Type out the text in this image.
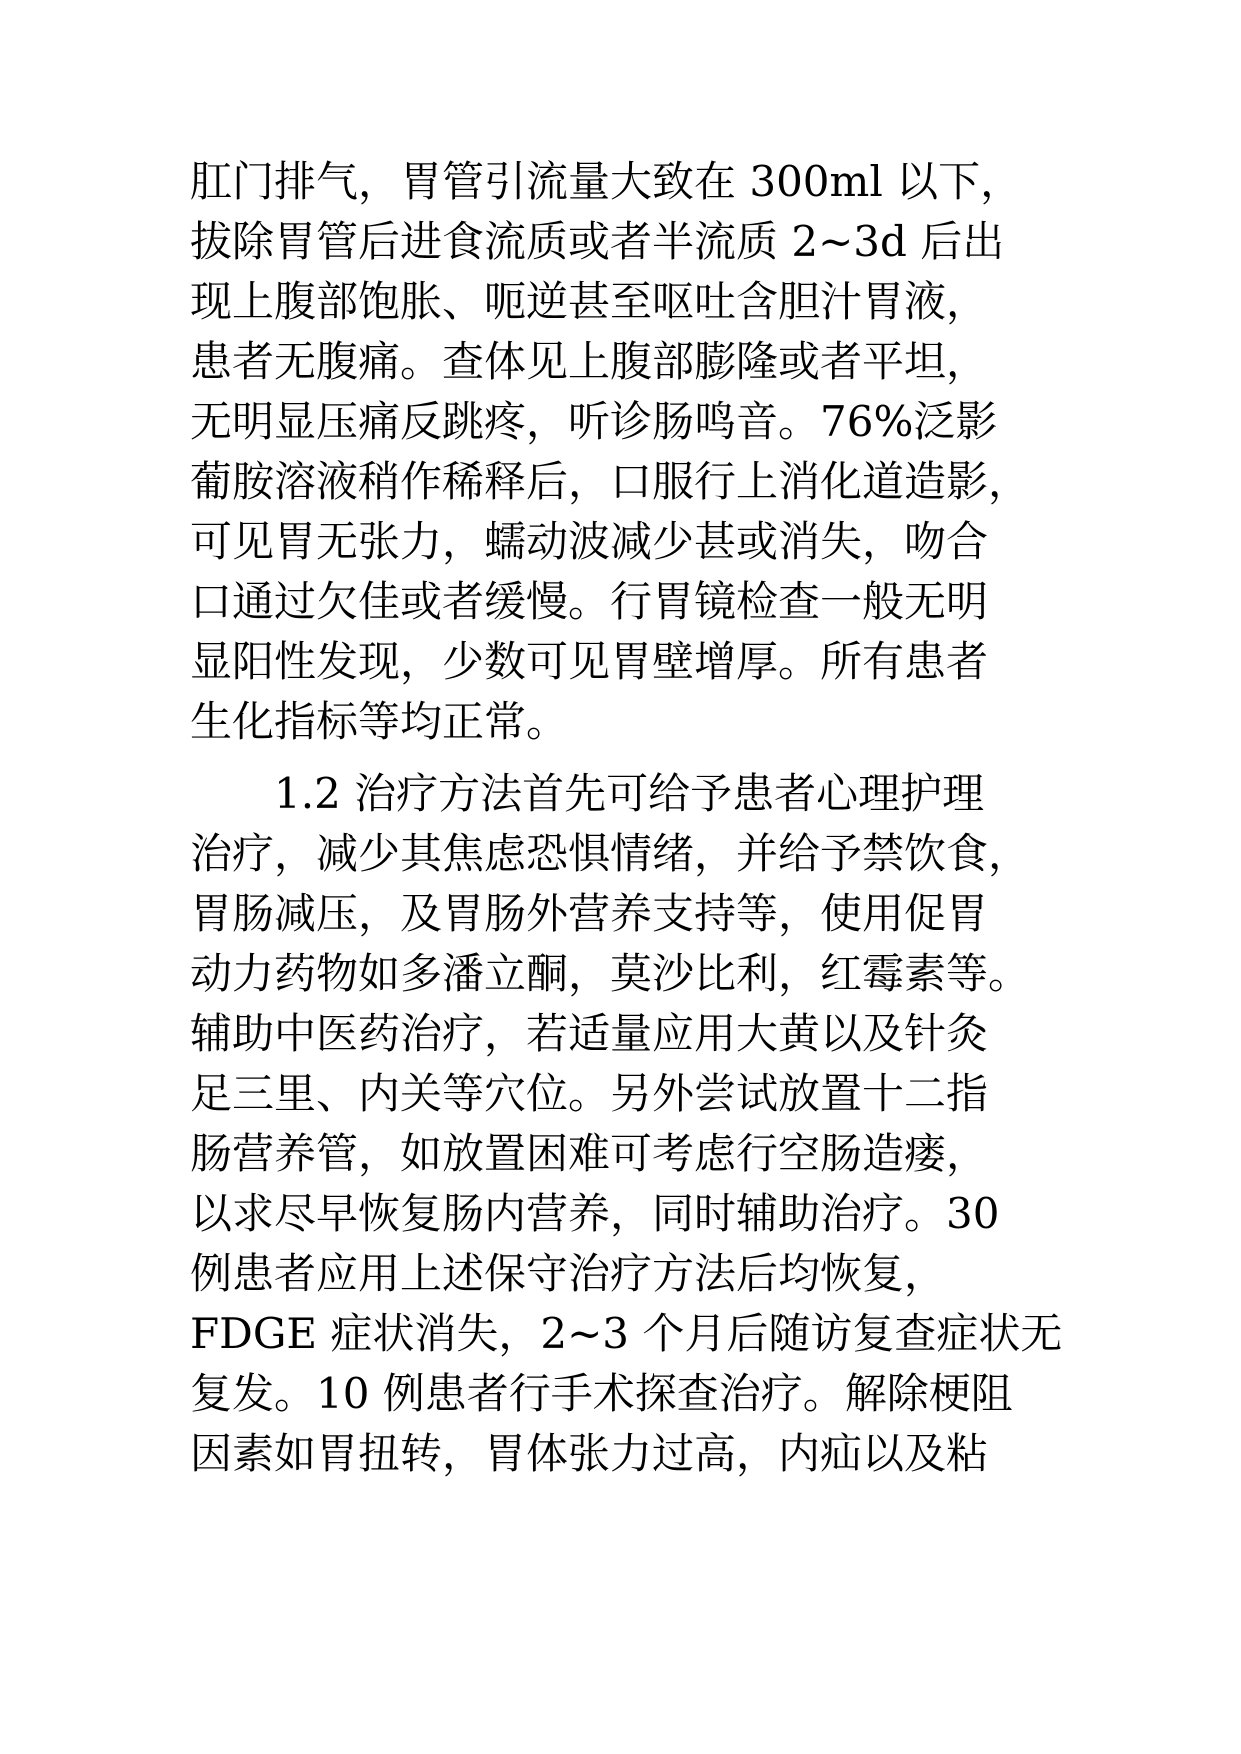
肛门排气，胃管引流量大致在 300ml 以下，
拔除胃管后进食流质或者半流质 2~3d 后出
现上腹部饱胀、呃逆甚至呕吐含胆汁胃液，
患者无腹痛。查体见上腹部膨隆或者平坦，
无明显压痛反跳疼，听诊肠鸣音。76%泛影
葡胺溶液稍作稀释后，口服行上消化道造影，
可见胃无张力，蠕动波减少甚或消失，吻合
口通过欠佳或者缓慢。行胃镜检查一般无明
显阳性发现，少数可见胃壁增厚。所有患者
生化指标等均正常。
1.2 治疗方法首先可给予患者心理护理
治疗，减少其焦虑恐惧情绪，并给予禁饮食，
胃肠减压，及胃肠外营养支持等，使用促胃
动力药物如多潘立酮，莫沙比利，红霉素等。
辅助中医药治疗，若适量应用大黄以及针灸
足三里、内关等穴位。另外尝试放置十二指
肠营养管，如放置困难可考虑行空肠造瘘，
以求尽早恢复肠内营养，同时辅助治疗。30
例患者应用上述保守治疗方法后均恢复，
FDGE 症状消失，2~3 个月后随访复查症状无
复发。10 例患者行手术探查治疗。解除梗阻
因素如胃扭转，胃体张力过高，内疝以及粘
